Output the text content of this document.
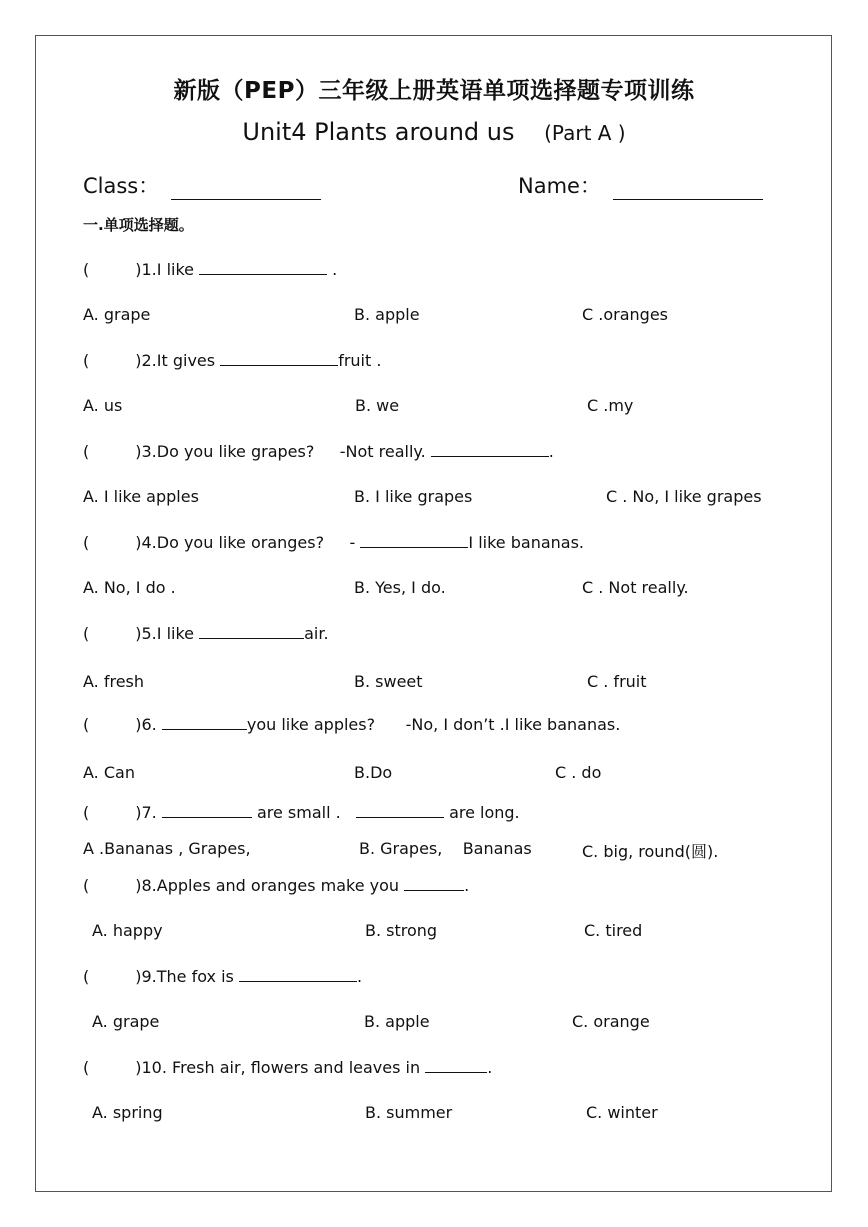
新版（PEP）三年级上册英语单项选择题专项训练
Unit4 Plants around us (Part A )
Class：	Name：
一.单项选择题。
(	)1.I like	.
A. grape	B. apple	C .oranges
(	)2.It gives	fruit .
A. us	B. we	C .my
(	)3.Do you like grapes?     -Not really.	.
A. I like apples	B. I like grapes	C . No, I like grapes
(	)4.Do you like oranges?     -	I like bananas.
A. No, I do .	B. Yes, I do.	C . Not really.
(	)5.I like	air.
A. fresh	B. sweet	C . fruit
(	)6.	you like apples?      -No, I don’t .I like bananas.
A. Can	B.Do	C . do
(	)7.	are small .	are long.
A .Bananas , Grapes,	B. Grapes,    Bananas	C. big, round(圆).
(	)8.Apples and oranges make you	.
A. happy	B. strong	C. tired
(	)9.The fox is	.
A. grape	B. apple	C. orange
(	)10. Fresh air, flowers and leaves in	.
A. spring	B. summer	C. winter
